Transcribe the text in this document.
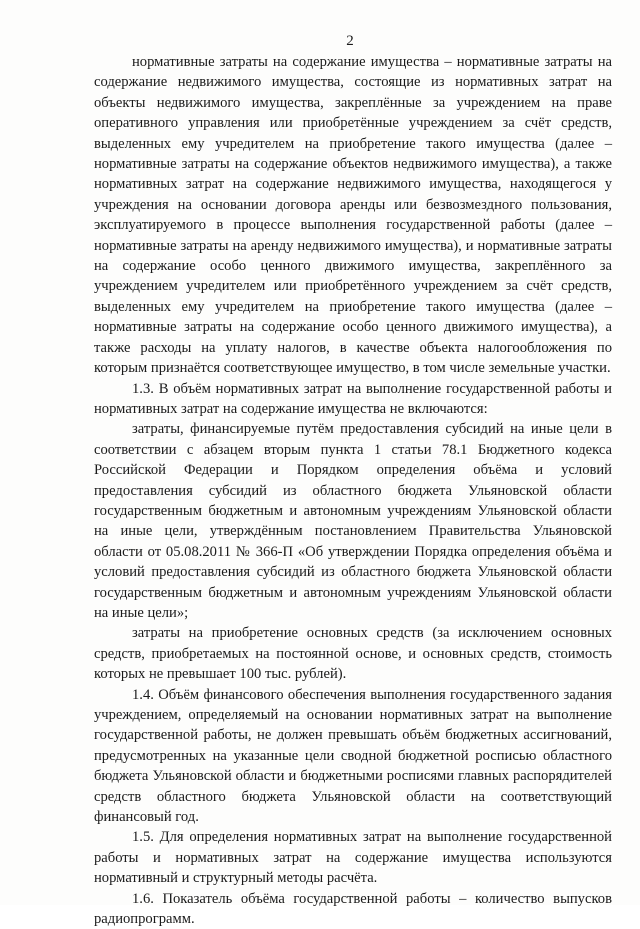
2

нормативные затраты на содержание имущества – нормативные затраты на содержание недвижимого имущества, состоящие из нормативных затрат на объекты недвижимого имущества, закреплённые за учреждением на праве оперативного управления или приобретённые учреждением за счёт средств, выделенных ему учредителем на приобретение такого имущества (далее – нормативные затраты на содержание объектов недвижимого имущества), а также нормативных затрат на содержание недвижимого имущества, находящегося у учреждения на основании договора аренды или безвозмездного пользования, эксплуатируемого в процессе выполнения государственной работы (далее – нормативные затраты на аренду недвижимого имущества), и нормативные затраты на содержание особо ценного движимого имущества, закреплённого за учреждением учредителем или приобретённого учреждением за счёт средств, выделенных ему учредителем на приобретение такого имущества (далее – нормативные затраты на содержание особо ценного движимого имущества), а также расходы на уплату налогов, в качестве объекта налогообложения по которым признаётся соответствующее имущество, в том числе земельные участки.

1.3. В объём нормативных затрат на выполнение государственной работы и нормативных затрат на содержание имущества не включаются:

затраты, финансируемые путём предоставления субсидий на иные цели в соответствии с абзацем вторым пункта 1 статьи 78.1 Бюджетного кодекса Российской Федерации и Порядком определения объёма и условий предоставления субсидий из областного бюджета Ульяновской области государственным бюджетным и автономным учреждениям Ульяновской области на иные цели, утверждённым постановлением Правительства Ульяновской области от 05.08.2011 № 366-П «Об утверждении Порядка определения объёма и условий предоставления субсидий из областного бюджета Ульяновской области государственным бюджетным и автономным учреждениям Ульяновской области на иные цели»;

затраты на приобретение основных средств (за исключением основных средств, приобретаемых на постоянной основе, и основных средств, стоимость которых не превышает 100 тыс. рублей).

1.4. Объём финансового обеспечения выполнения государственного задания учреждением, определяемый на основании нормативных затрат на выполнение государственной работы, не должен превышать объём бюджетных ассигнований, предусмотренных на указанные цели сводной бюджетной росписью областного бюджета Ульяновской области и бюджетными росписями главных распорядителей средств областного бюджета Ульяновской области на соответствующий финансовый год.

1.5. Для определения нормативных затрат на выполнение государственной работы и нормативных затрат на содержание имущества используются нормативный и структурный методы расчёта.

1.6. Показатель объёма государственной работы – количество выпусков радиопрограмм.
